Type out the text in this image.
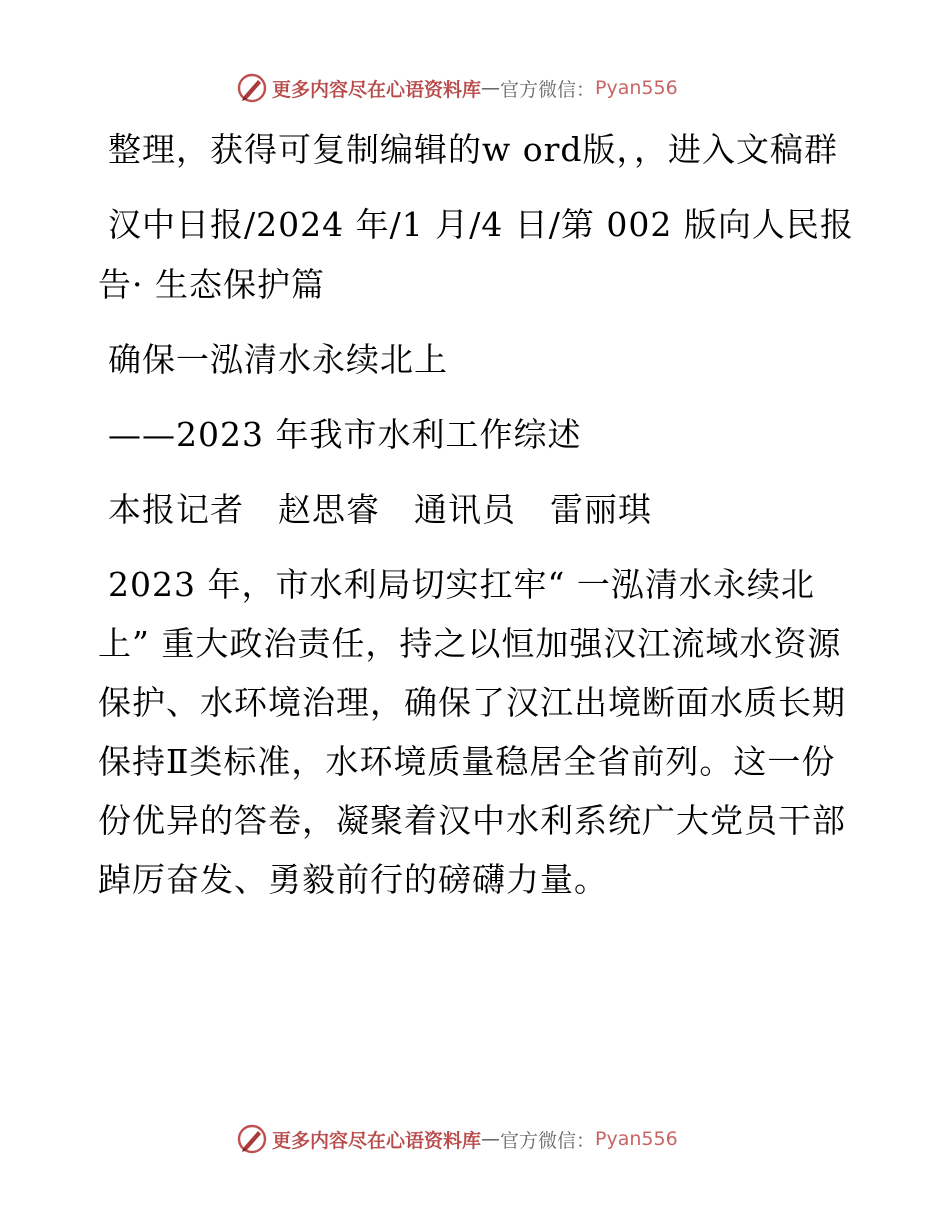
更多内容尽在心语资料库 — 官方微信： Pyan556

整理，获得可复制编辑的w ord版，，进入文稿群

汉中日报/2024 年/1 月/4 日/第 002 版向人民报告· 生态保护篇

确保一泓清水永续北上

——2023 年我市水利工作综述

本报记者　赵思睿　通讯员　雷丽琪

2023 年，市水利局切实扛牢“ 一泓清水永续北上” 重大政治责任，持之以恒加强汉江流域水资源保护、水环境治理，确保了汉江出境断面水质长期保持Ⅱ类标准，水环境质量稳居全省前列。这一份份优异的答卷，凝聚着汉中水利系统广大党员干部踔厉奋发、勇毅前行的磅礴力量。

更多内容尽在心语资料库 — 官方微信： Pyan556
